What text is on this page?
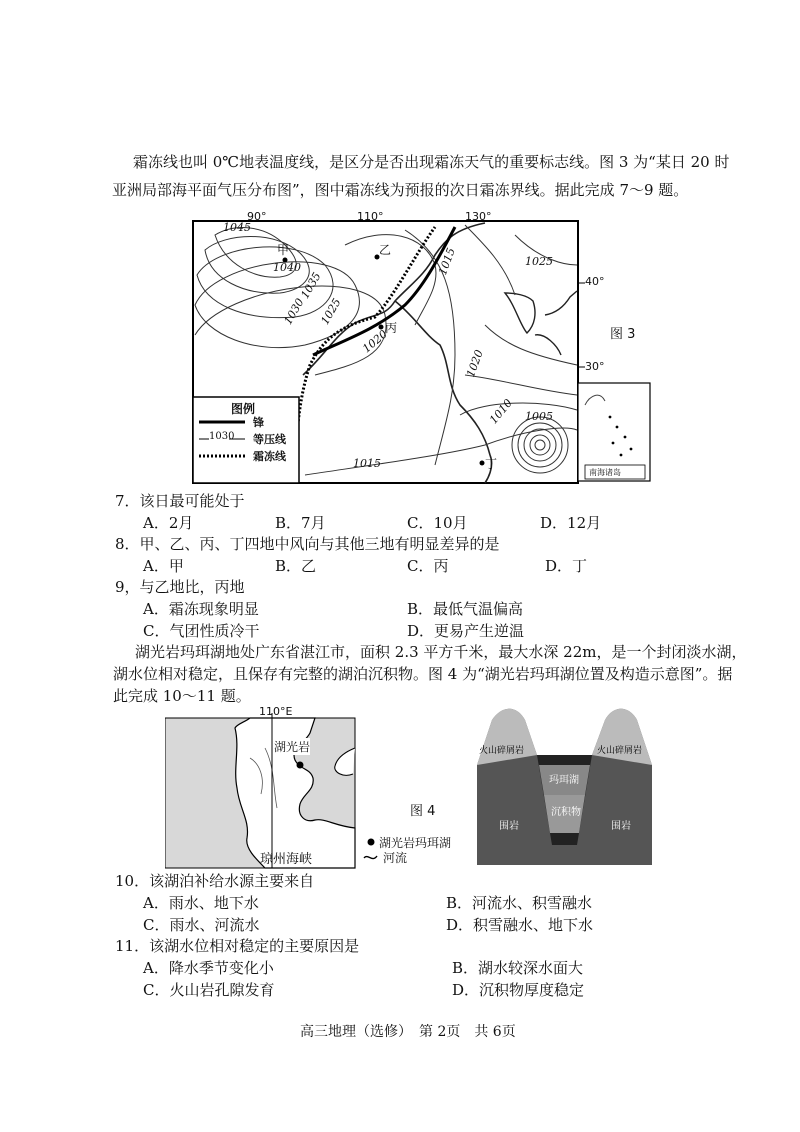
霜冻线也叫 0℃地表温度线，是区分是否出现霜冻天气的重要标志线。图 3 为“某日 20 时
亚洲局部海平面气压分布图”，图中霜冻线为预报的次日霜冻界线。据此完成 7～9 题。
90°	110°	130°
40°
30°
图 3
1045
1040
1035
1030 1025
1020
1015	1025
1020
1010 1005
1015
甲	乙
丙
丁
图例
锋
1030 等压线
霜冻线
南海诸岛
7．该日最可能处于
A．2月	B．7月	C．10月	D．12月
8．甲、乙、丙、丁四地中风向与其他三地有明显差异的是
A．甲	B．乙	C．丙	D．丁
9，与乙地比，丙地
A．霜冻现象明显	B．最低气温偏高
C．气团性质冷干	D．更易产生逆温
湖光岩玛珥湖地处广东省湛江市，面积 2.3 平方千米，最大水深 22m，是一个封闭淡水湖，
湖水位相对稳定，且保存有完整的湖泊沉积物。图 4 为“湖光岩玛珥湖位置及构造示意图”。据
此完成 10～11 题。
110°E
湖光岩
琼州海峡
图 4
湖光岩玛珥湖
河流
火山碎屑岩	火山碎屑岩
玛珥湖
沉积物
围岩	围岩
10．该湖泊补给水源主要来自
A．雨水、地下水	B．河流水、积雪融水
C．雨水、河流水	D．积雪融水、地下水
11．该湖水位相对稳定的主要原因是
A．降水季节变化小	B．湖水较深水面大
C．火山岩孔隙发育	D．沉积物厚度稳定
高三地理（选修）　第 2页　共 6页
